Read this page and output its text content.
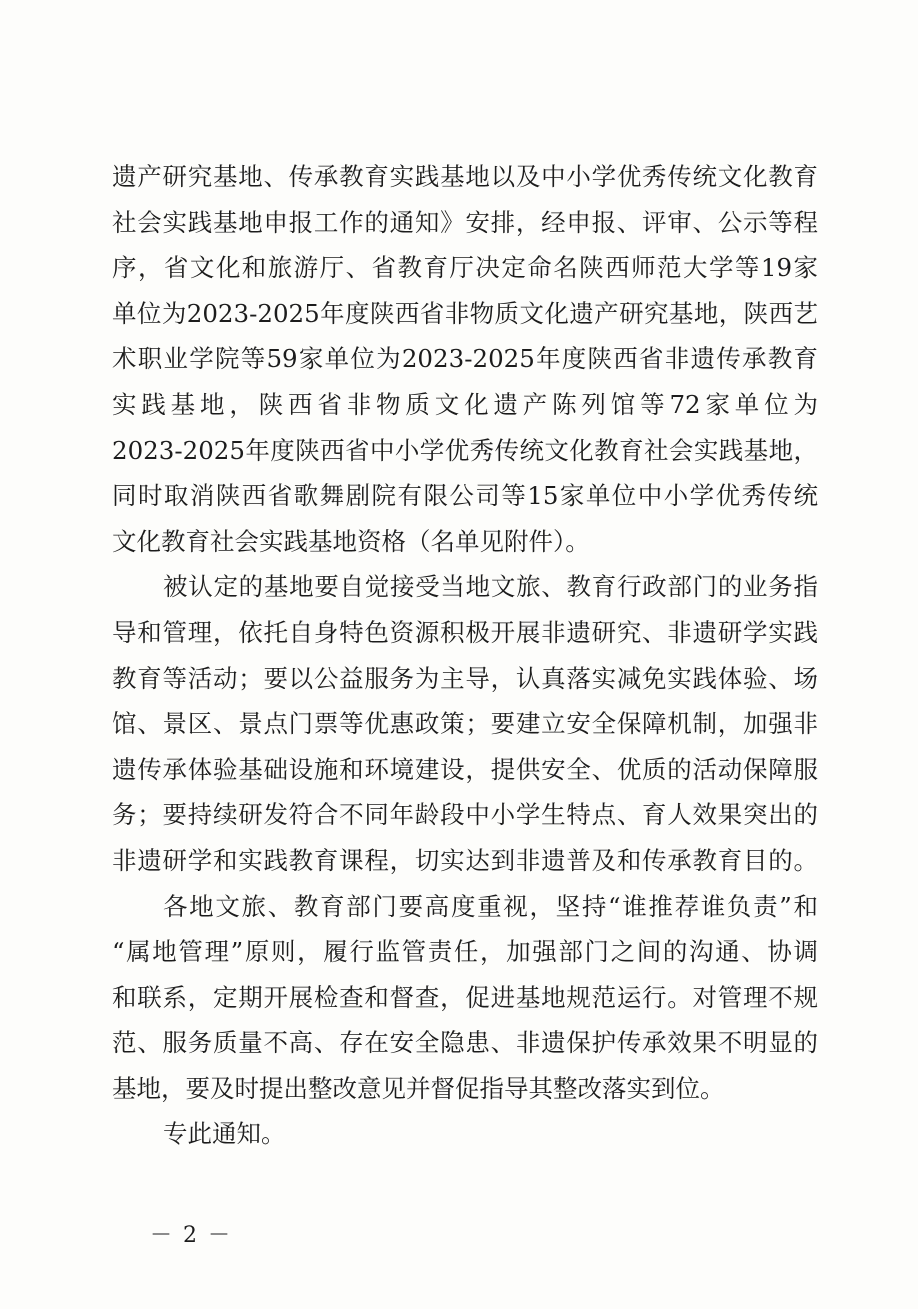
遗产研究基地、传承教育实践基地以及中小学优秀传统文化教育
社会实践基地申报工作的通知》安排，经申报、评审、公示等程
序，省文化和旅游厅、省教育厅决定命名陕西师范大学等19家
单位为2023-2025年度陕西省非物质文化遗产研究基地，陕西艺
术职业学院等59家单位为2023-2025年度陕西省非遗传承教育
实践基地，陕西省非物质文化遗产陈列馆等72家单位为
2023-2025年度陕西省中小学优秀传统文化教育社会实践基地，
同时取消陕西省歌舞剧院有限公司等15家单位中小学优秀传统
文化教育社会实践基地资格（名单见附件）。
被认定的基地要自觉接受当地文旅、教育行政部门的业务指
导和管理，依托自身特色资源积极开展非遗研究、非遗研学实践
教育等活动；要以公益服务为主导，认真落实减免实践体验、场
馆、景区、景点门票等优惠政策；要建立安全保障机制，加强非
遗传承体验基础设施和环境建设，提供安全、优质的活动保障服
务；要持续研发符合不同年龄段中小学生特点、育人效果突出的
非遗研学和实践教育课程，切实达到非遗普及和传承教育目的。
各地文旅、教育部门要高度重视，坚持“谁推荐谁负责”和
“属地管理”原则，履行监管责任，加强部门之间的沟通、协调
和联系，定期开展检查和督查，促进基地规范运行。对管理不规
范、服务质量不高、存在安全隐患、非遗保护传承效果不明显的
基地，要及时提出整改意见并督促指导其整改落实到位。
专此通知。
－ 2 －
